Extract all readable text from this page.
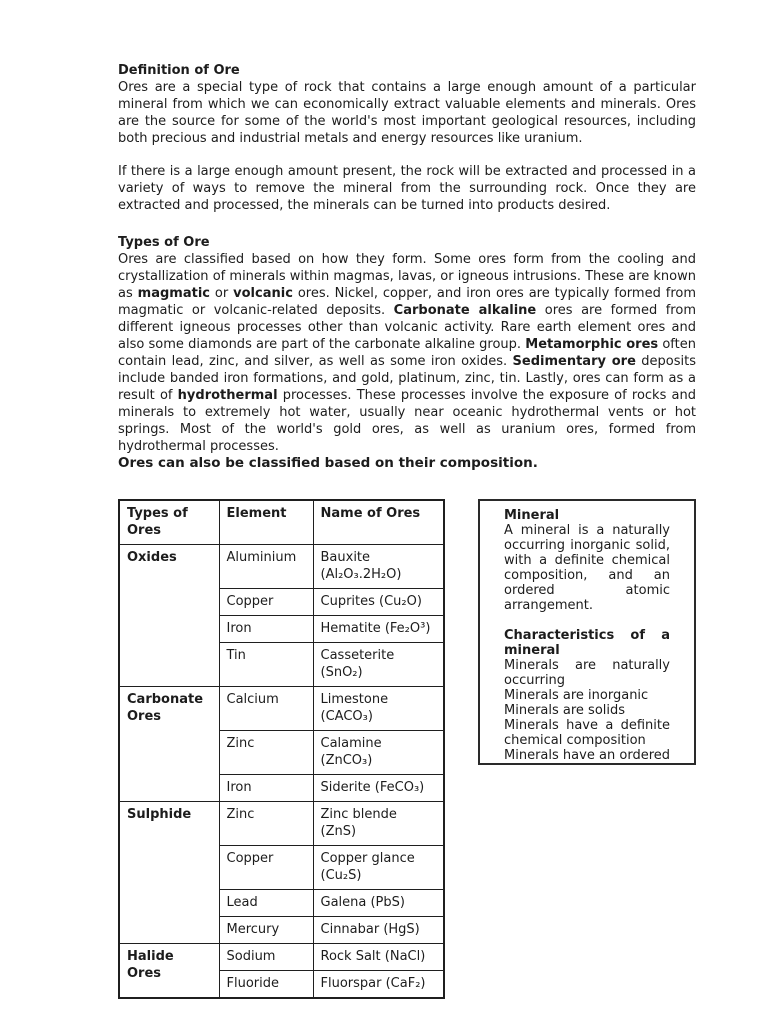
Definition of Ore

Ores are a special type of rock that contains a large enough amount of a particular mineral from which we can economically extract valuable elements and minerals. Ores are the source for some of the world's most important geological resources, including both precious and industrial metals and energy resources like uranium.

If there is a large enough amount present, the rock will be extracted and processed in a variety of ways to remove the mineral from the surrounding rock. Once they are extracted and processed, the minerals can be turned into products desired.

Types of Ore

Ores are classified based on how they form. Some ores form from the cooling and crystallization of minerals within magmas, lavas, or igneous intrusions. These are known as magmatic or volcanic ores. Nickel, copper, and iron ores are typically formed from magmatic or volcanic-related deposits. Carbonate alkaline ores are formed from different igneous processes other than volcanic activity. Rare earth element ores and also some diamonds are part of the carbonate alkaline group. Metamorphic ores often contain lead, zinc, and silver, as well as some iron oxides. Sedimentary ore deposits include banded iron formations, and gold, platinum, zinc, tin. Lastly, ores can form as a result of hydrothermal processes. These processes involve the exposure of rocks and minerals to extremely hot water, usually near oceanic hydrothermal vents or hot springs. Most of the world's gold ores, as well as uranium ores, formed from hydrothermal processes.

Ores can also be classified based on their composition.
Types of Ores	Element	Name of Ores
Oxides	Aluminium	Bauxite (Al₂O₃.2H₂O)
	Copper	Cuprites (Cu₂O)
	Iron	Hematite (Fe₂O³)
	Tin	Casseterite (SnO₂)
Carbonate Ores	Calcium	Limestone (CACO₃)
	Zinc	Calamine (ZnCO₃)
	Iron	Siderite (FeCO₃)
Sulphide	Zinc	Zinc blende (ZnS)
	Copper	Copper glance (Cu₂S)
	Lead	Galena (PbS)
	Mercury	Cinnabar (HgS)
Halide Ores	Sodium	Rock Salt (NaCl)
	Fluoride	Fluorspar (CaF₂)
Mineral
A mineral is a naturally occurring inorganic solid, with a definite chemical composition, and an ordered atomic arrangement.
Characteristics of a mineral
Minerals are naturally occurring
Minerals are inorganic
Minerals are solids
Minerals have a definite chemical composition
Minerals have an ordered
